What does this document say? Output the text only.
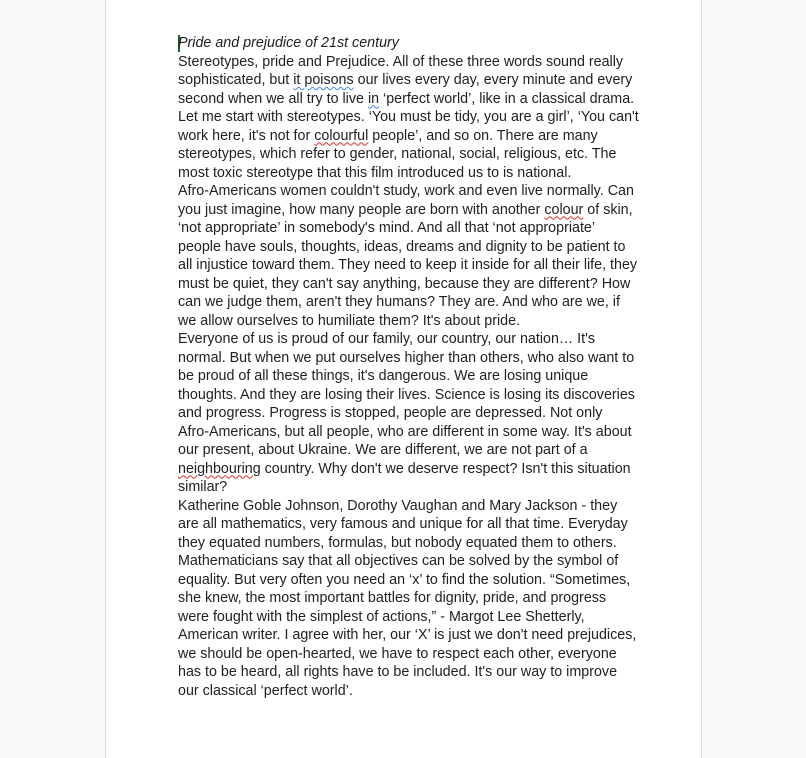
Pride and prejudice of 21st century
Stereotypes, pride and Prejudice. All of these three words sound really
sophisticated, but it poisons our lives every day, every minute and every
second when we all try to live in ‘perfect world’, like in a classical drama.
Let me start with stereotypes. ‘You must be tidy, you are a girl’, ‘You can't
work here, it's not for colourful people’, and so on. There are many
stereotypes, which refer to gender, national, social, religious, etc. The
most toxic stereotype that this film introduced us to is national.
Afro-Americans women couldn't study, work and even live normally. Can
you just imagine, how many people are born with another colour of skin,
‘not appropriate’ in somebody's mind. And all that ‘not appropriate’
people have souls, thoughts, ideas, dreams and dignity to be patient to
all injustice toward them. They need to keep it inside for all their life, they
must be quiet, they can't say anything, because they are different? How
can we judge them, aren't they humans? They are. And who are we, if
we allow ourselves to humiliate them? It's about pride.
Everyone of us is proud of our family, our country, our nation… It's
normal. But when we put ourselves higher than others, who also want to
be proud of all these things, it's dangerous. We are losing unique
thoughts. And they are losing their lives. Science is losing its discoveries
and progress. Progress is stopped, people are depressed. Not only
Afro-Americans, but all people, who are different in some way. It's about
our present, about Ukraine. We are different, we are not part of a
neighbouring country. Why don't we deserve respect? Isn't this situation
similar?
Katherine Goble Johnson, Dorothy Vaughan and Mary Jackson - they
are all mathematics, very famous and unique for all that time. Everyday
they equated numbers, formulas, but nobody equated them to others.
Mathematicians say that all objectives can be solved by the symbol of
equality. But very often you need an ‘x’ to find the solution. “Sometimes,
she knew, the most important battles for dignity, pride, and progress
were fought with the simplest of actions,” - Margot Lee Shetterly,
American writer. I agree with her, our ‘X’ is just we don't need prejudices,
we should be open-hearted, we have to respect each other, everyone
has to be heard, all rights have to be included. It's our way to improve
our classical ‘perfect world’.
